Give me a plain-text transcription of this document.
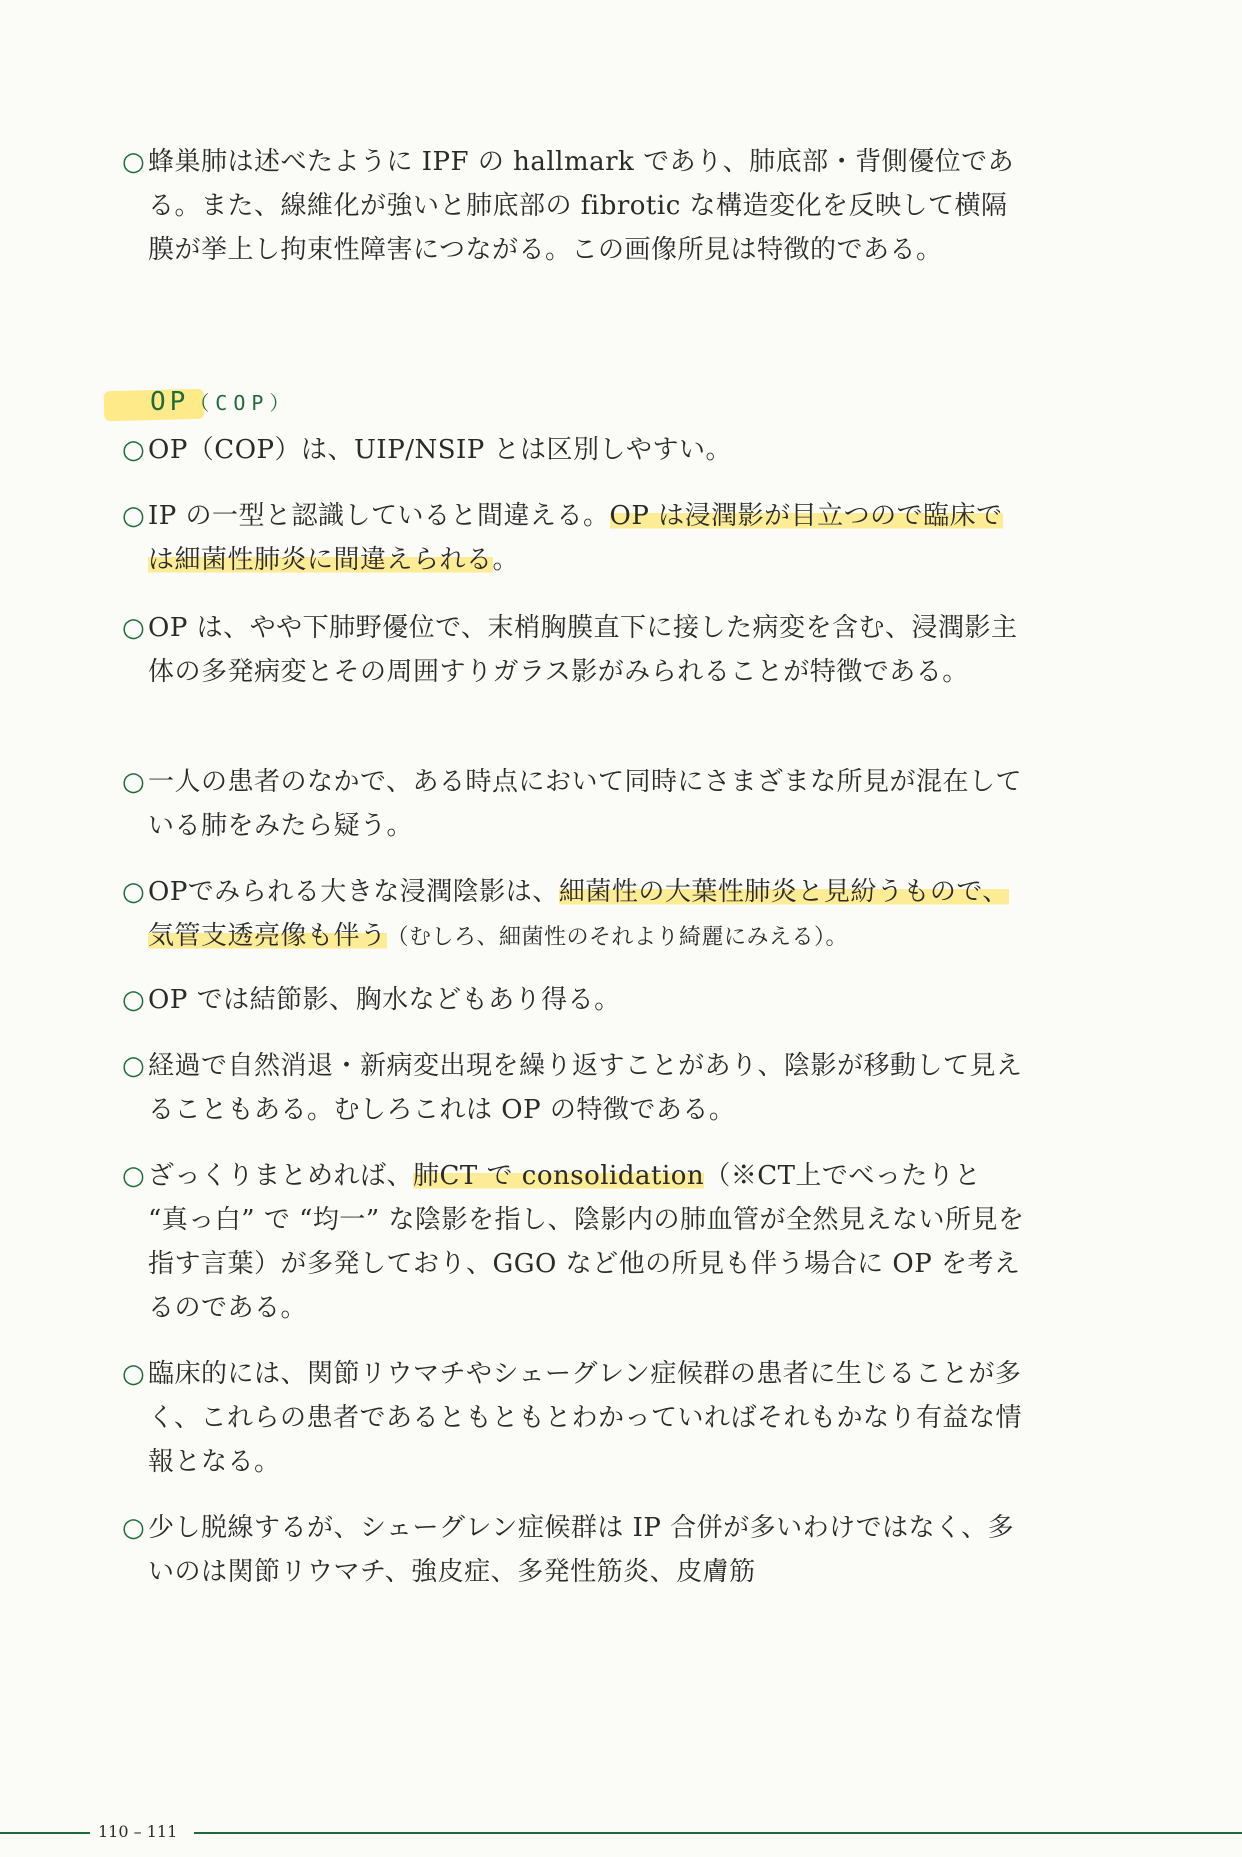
○ 蜂巣肺は述べたように IPF の hallmark であり、肺底部・背側優位である。また、線維化が強いと肺底部の fibrotic な構造変化を反映して横隔膜が挙上し拘束性障害につながる。この画像所見は特徴的である。
OP（COP）
○ OP（COP）は、UIP/NSIP とは区別しやすい。
○ IP の一型と認識していると間違える。OP は浸潤影が目立つので臨床では細菌性肺炎に間違えられる。
○ OP は、やや下肺野優位で、末梢胸膜直下に接した病変を含む、浸潤影主体の多発病変とその周囲すりガラス影がみられることが特徴である。
○ 一人の患者のなかで、ある時点において同時にさまざまな所見が混在している肺をみたら疑う。
○ OPでみられる大きな浸潤陰影は、細菌性の大葉性肺炎と見紛うもので、気管支透亮像も伴う（むしろ、細菌性のそれより綺麗にみえる）。
○ OP では結節影、胸水などもあり得る。
○ 経過で自然消退・新病変出現を繰り返すことがあり、陰影が移動して見えることもある。むしろこれは OP の特徴である。
○ ざっくりまとめれば、肺CT で consolidation（※CT上でべったりと “真っ白” で “均一” な陰影を指し、陰影内の肺血管が全然見えない所見を指す言葉）が多発しており、GGO など他の所見も伴う場合に OP を考えるのである。
○ 臨床的には、関節リウマチやシェーグレン症候群の患者に生じることが多く、これらの患者であるともともとわかっていればそれもかなり有益な情報となる。
○ 少し脱線するが、シェーグレン症候群は IP 合併が多いわけではなく、多いのは関節リウマチ、強皮症、多発性筋炎、皮膚筋
110 – 111
